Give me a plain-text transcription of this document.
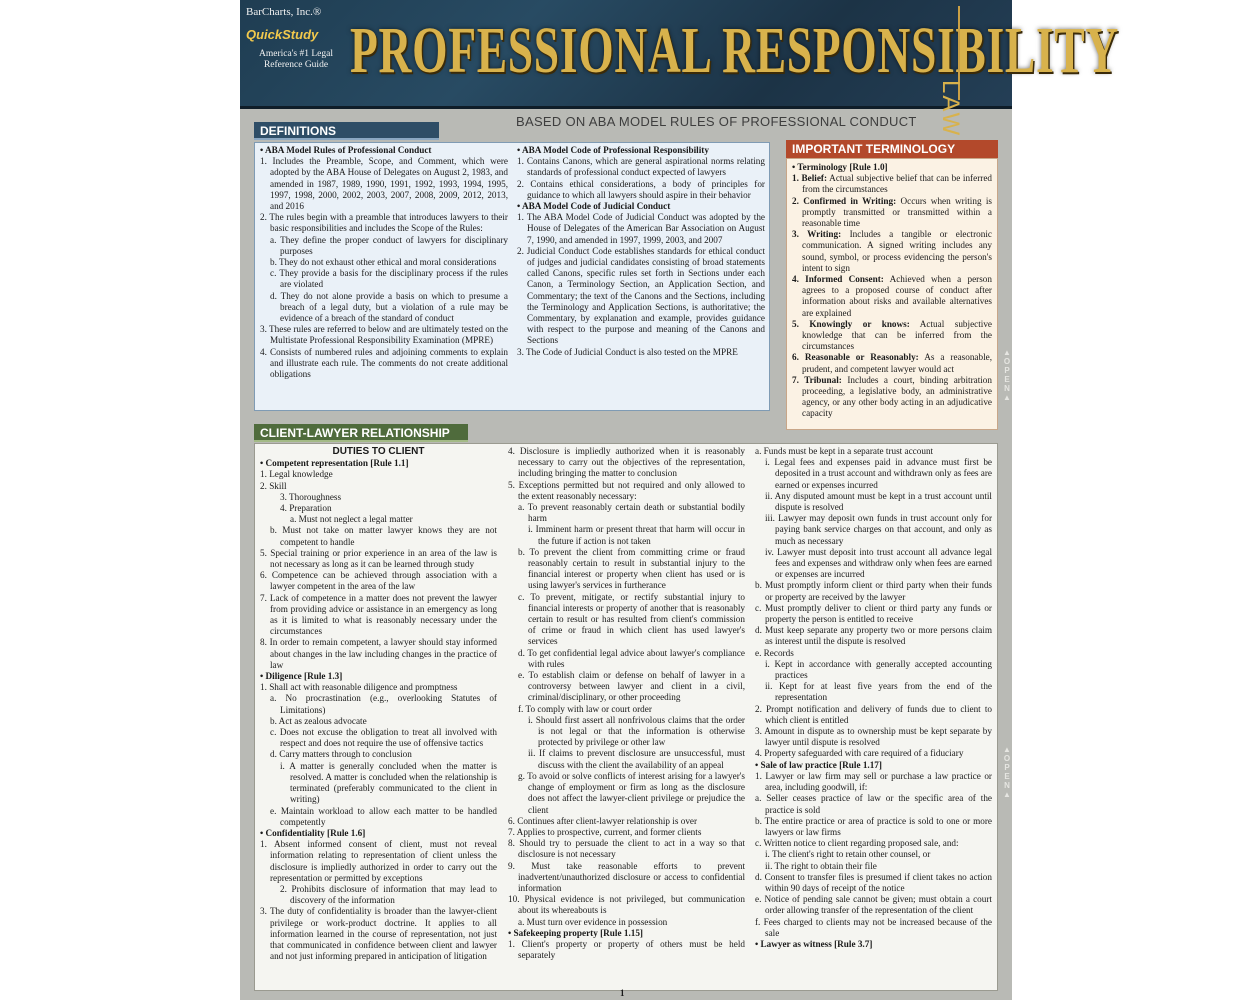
BarCharts, Inc.®
QuickStudy
America's #1 Legal Reference Guide PROFESSIONAL RESPONSIBILITY
LAW
DEFINITIONS
BASED ON ABA MODEL RULES OF PROFESSIONAL CONDUCT

• ABA Model Rules of Professional Conduct

1. Includes the Preamble, Scope, and Comment, which were adopted by the ABA House of Delegates on August 2, 1983, and amended in 1987, 1989, 1990, 1991, 1992, 1993, 1994, 1995, 1997, 1998, 2000, 2002, 2003, 2007, 2008, 2009, 2012, 2013, and 2016

2. The rules begin with a preamble that introduces lawyers to their basic responsibilities and includes the Scope of the Rules:

a. They define the proper conduct of lawyers for disciplinary purposes

b. They do not exhaust other ethical and moral considerations

c. They provide a basis for the disciplinary process if the rules are violated

d. They do not alone provide a basis on which to presume a breach of a legal duty, but a violation of a rule may be evidence of a breach of the standard of conduct

3. These rules are referred to below and are ultimately tested on the Multistate Professional Responsibility Examination (MPRE)

4. Consists of numbered rules and adjoining comments to explain and illustrate each rule. The comments do not create additional obligations

• ABA Model Code of Professional Responsibility

1. Contains Canons, which are general aspirational norms relating standards of professional conduct expected of lawyers

2. Contains ethical considerations, a body of principles for guidance to which all lawyers should aspire in their behavior

• ABA Model Code of Judicial Conduct

1. The ABA Model Code of Judicial Conduct was adopted by the House of Delegates of the American Bar Association on August 7, 1990, and amended in 1997, 1999, 2003, and 2007

2. Judicial Conduct Code establishes standards for ethical conduct of judges and judicial candidates consisting of broad statements called Canons, specific rules set forth in Sections under each Canon, a Terminology Section, an Application Section, and Commentary; the text of the Canons and the Sections, including the Terminology and Application Sections, is authoritative; the Commentary, by explanation and example, provides guidance with respect to the purpose and meaning of the Canons and Sections

3. The Code of Judicial Conduct is also tested on the MPRE

IMPORTANT TERMINOLOGY

• Terminology [Rule 1.0]

1. Belief: Actual subjective belief that can be inferred from the circumstances

2. Confirmed in Writing: Occurs when writing is promptly transmitted or transmitted within a reasonable time

3. Writing: Includes a tangible or electronic communication. A signed writing includes any sound, symbol, or process evidencing the person's intent to sign

4. Informed Consent: Achieved when a person agrees to a proposed course of conduct after information about risks and available alternatives are explained

5. Knowingly or knows: Actual subjective knowledge that can be inferred from the circumstances

6. Reasonable or Reasonably: As a reasonable, prudent, and competent lawyer would act

7. Tribunal: Includes a court, binding arbitration proceeding, a legislative body, an administrative agency, or any other body acting in an adjudicative capacity

CLIENT-LAWYER RELATIONSHIP
DUTIES TO CLIENT

• Competent representation [Rule 1.1]

1. Legal knowledge

2. Skill

3. Thoroughness

4. Preparation

a. Must not neglect a legal matter

b. Must not take on matter lawyer knows they are not competent to handle

5. Special training or prior experience in an area of the law is not necessary as long as it can be learned through study

6. Competence can be achieved through association with a lawyer competent in the area of the law

7. Lack of competence in a matter does not prevent the lawyer from providing advice or assistance in an emergency as long as it is limited to what is reasonably necessary under the circumstances

8. In order to remain competent, a lawyer should stay informed about changes in the law including changes in the practice of law

• Diligence [Rule 1.3]

1. Shall act with reasonable diligence and promptness

a. No procrastination (e.g., overlooking Statutes of Limitations)

b. Act as zealous advocate

c. Does not excuse the obligation to treat all involved with respect and does not require the use of offensive tactics

d. Carry matters through to conclusion

i. A matter is generally concluded when the matter is resolved. A matter is concluded when the relationship is terminated (preferably communicated to the client in writing)

e. Maintain workload to allow each matter to be handled competently

• Confidentiality [Rule 1.6]

1. Absent informed consent of client, must not reveal information relating to representation of client unless the disclosure is impliedly authorized in order to carry out the representation or permitted by exceptions

2. Prohibits disclosure of information that may lead to discovery of the information

3. The duty of confidentiality is broader than the lawyer-client privilege or work-product doctrine. It applies to all information learned in the course of representation, not just that communicated in confidence between client and lawyer and not just informing prepared in anticipation of litigation

4. Disclosure is impliedly authorized when it is reasonably necessary to carry out the objectives of the representation, including bringing the matter to conclusion

5. Exceptions permitted but not required and only allowed to the extent reasonably necessary:

a. To prevent reasonably certain death or substantial bodily harm

i. Imminent harm or present threat that harm will occur in the future if action is not taken

b. To prevent the client from committing crime or fraud reasonably certain to result in substantial injury to the financial interest or property when client has used or is using lawyer's services in furtherance

c. To prevent, mitigate, or rectify substantial injury to financial interests or property of another that is reasonably certain to result or has resulted from client's commission of crime or fraud in which client has used lawyer's services

d. To get confidential legal advice about lawyer's compliance with rules

e. To establish claim or defense on behalf of lawyer in a controversy between lawyer and client in a civil, criminal/disciplinary, or other proceeding

f. To comply with law or court order

i. Should first assert all nonfrivolous claims that the order is not legal or that the information is otherwise protected by privilege or other law

ii. If claims to prevent disclosure are unsuccessful, must discuss with the client the availability of an appeal

g. To avoid or solve conflicts of interest arising for a lawyer's change of employment or firm as long as the disclosure does not affect the lawyer-client privilege or prejudice the client

6. Continues after client-lawyer relationship is over

7. Applies to prospective, current, and former clients

8. Should try to persuade the client to act in a way so that disclosure is not necessary

9. Must take reasonable efforts to prevent inadvertent/unauthorized disclosure or access to confidential information

10. Physical evidence is not privileged, but communication about its whereabouts is

a. Must turn over evidence in possession

• Safekeeping property [Rule 1.15]

1. Client's property or property of others must be held separately

a. Funds must be kept in a separate trust account

i. Legal fees and expenses paid in advance must first be deposited in a trust account and withdrawn only as fees are earned or expenses incurred

ii. Any disputed amount must be kept in a trust account until dispute is resolved

iii. Lawyer may deposit own funds in trust account only for paying bank service charges on that account, and only as much as necessary

iv. Lawyer must deposit into trust account all advance legal fees and expenses and withdraw only when fees are earned or expenses are incurred

b. Must promptly inform client or third party when their funds or property are received by the lawyer

c. Must promptly deliver to client or third party any funds or property the person is entitled to receive

d. Must keep separate any property two or more persons claim as interest until the dispute is resolved

e. Records

i. Kept in accordance with generally accepted accounting practices

ii. Kept for at least five years from the end of the representation

2. Prompt notification and delivery of funds due to client to which client is entitled

3. Amount in dispute as to ownership must be kept separate by lawyer until dispute is resolved

4. Property safeguarded with care required of a fiduciary

• Sale of law practice [Rule 1.17]

1. Lawyer or law firm may sell or purchase a law practice or area, including goodwill, if:

a. Seller ceases practice of law or the specific area of the practice is sold

b. The entire practice or area of practice is sold to one or more lawyers or law firms

c. Written notice to client regarding proposed sale, and:

i. The client's right to retain other counsel, or

ii. The right to obtain their file

d. Consent to transfer files is presumed if client takes no action within 90 days of receipt of the notice

e. Notice of pending sale cannot be given; must obtain a court order allowing transfer of the representation of the client

f. Fees charged to clients may not be increased because of the sale

• Lawyer as witness [Rule 3.7]

▲
O
P
E
N
▲
▲
O
P
E
N
▲
1
